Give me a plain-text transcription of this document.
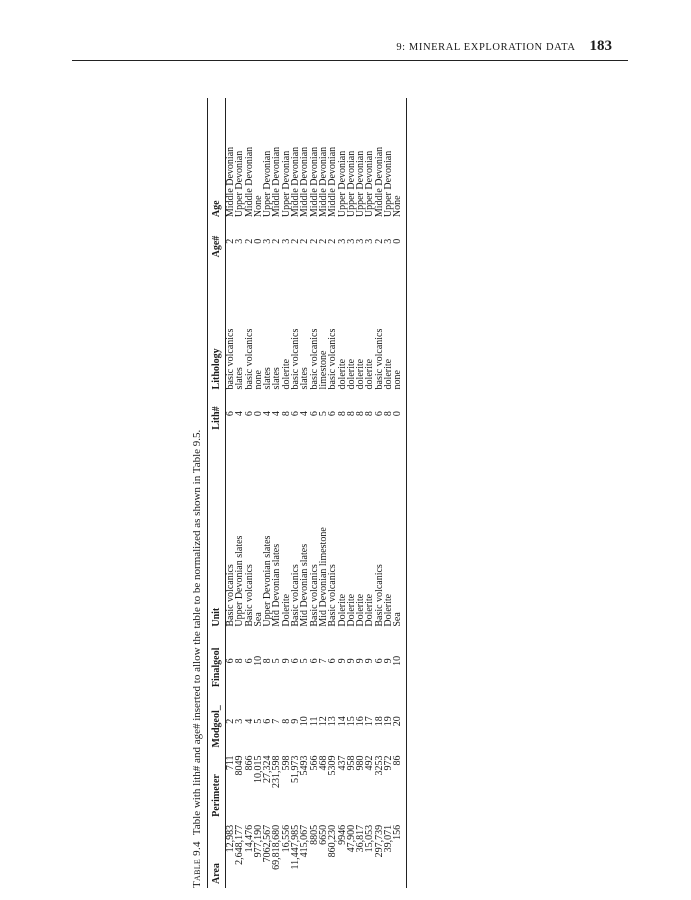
9: MINERAL EXPLORATION DATA 183

Table 9.4Table with lith# and age# inserted to allow the table to be normalized as shown in Table 9.5.

Area	Perimeter	Modgeol_	Finalgeol	Unit	Lith#	Lithology	Age#	Age
12,983	711	2	6	Basic volcanics	6	basic volcanics	2	Middle Devonian
2,648,177	8049	3	8	Upper Devonian slates	4	slates	3	Upper Devonian
14,476	866	4	6	Basic volcanics	6	basic volcanics	2	Middle Devonian
977,190	10,015	5	10	Sea	0	none	0	None
7062,567	27,324	6	8	Upper Devonian slates	4	slates	3	Upper Devonian
69,818,680	231,598	7	5	Mid Devonian slates	4	slates	2	Middle Devonian
16,556	598	8	9	Dolerite	8	dolerite	3	Upper Devonian
11,447,985	51,973	9	6	Basic volcanics	6	basic volcanics	2	Middle Devonian
415,067	5493	10	5	Mid Devonian slates	4	slates	2	Middle Devonian
8805	566	11	6	Basic volcanics	6	basic volcanics	2	Middle Devonian
6650	468	12	7	Mid Devonian limestone	5	limestone	2	Middle Devonian
860,230	5309	13	6	Basic volcanics	6	basic volcanics	2	Middle Devonian
9946	437	14	9	Dolerite	8	dolerite	3	Upper Devonian
47,900	958	15	9	Dolerite	8	dolerite	3	Upper Devonian
36,817	980	16	9	Dolerite	8	dolerite	3	Upper Devonian
15,053	492	17	9	Dolerite	8	dolerite	3	Upper Devonian
297,739	3253	18	6	Basic volcanics	6	basic volcanics	2	Middle Devonian
39,071	972	19	9	Dolerite	8	dolerite	3	Upper Devonian
156	86	20	10	Sea	0	none	0	None
